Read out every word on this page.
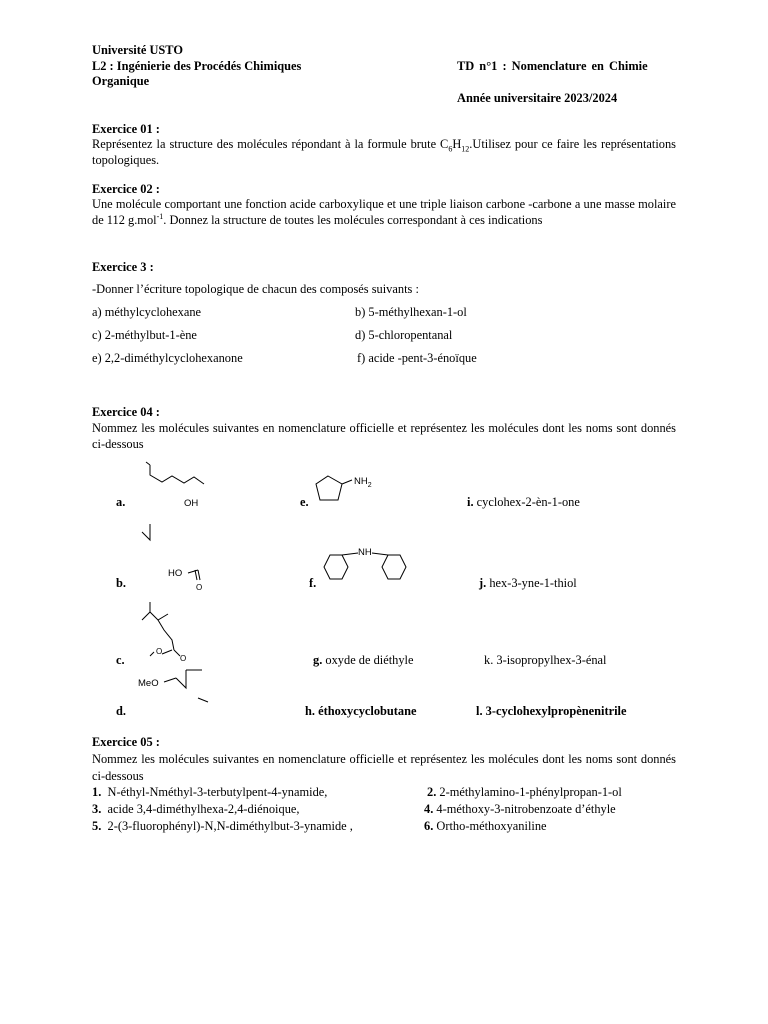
Université USTO
L2 : Ingénierie des Procédés Chimiques
Organique
TD n°1 : Nomenclature en Chimie
Année universitaire 2023/2024
Exercice 01 :
Représentez la structure des molécules répondant à la formule brute $C_6H_{12}.Utilisez$ pour ce faire les représentations topologiques.
Exercice 02 :
Une molécule comportant une fonction acide carboxylique et une triple liaison carbone -carbone a une masse molaire de 112 g.mol$^{-1}$. Donnez la structure de toutes les molécules correspondant à ces indications
Exercice 3 :
-Donner l’écriture topologique de chacun des composés suivants :
a) méthylcyclohexane	b) 5-méthylhexan-1-ol
c) 2-méthylbut-1-ène	d) 5-chloropentanal
e) 2,2-diméthylcyclohexanone	f) acide -pent-3-énoïque
Exercice 04 :
Nommez les molécules suivantes en nomenclature officielle et représentez les molécules dont les noms sont donnés ci-dessous
a.	e.	i. cyclohex-2-èn-1-one
b.	f.	j. hex-3-yne-1-thiol
c.	g. oxyde de diéthyle	k. 3-isopropylhex-3-énal
d.	h. éthoxycyclobutane	l. 3-cyclohexylpropènenitrile
OH
$NH_2$
HO
O
NH
O
O
MeO
Exercice 05 :
Nommez les molécules suivantes en nomenclature officielle et représentez les molécules dont les noms sont donnés ci-dessous
1. N-éthyl-Nméthyl-3-terbutylpent-4-ynamide,	2. 2-méthylamino-1-phénylpropan-1-ol
3. acide 3,4-diméthylhexa-2,4-diénoique,	4. 4-méthoxy-3-nitrobenzoate d’éthyle
5. 2-(3-fluorophényl)-N,N-diméthylbut-3-ynamide ,	6. Ortho-méthoxyaniline
